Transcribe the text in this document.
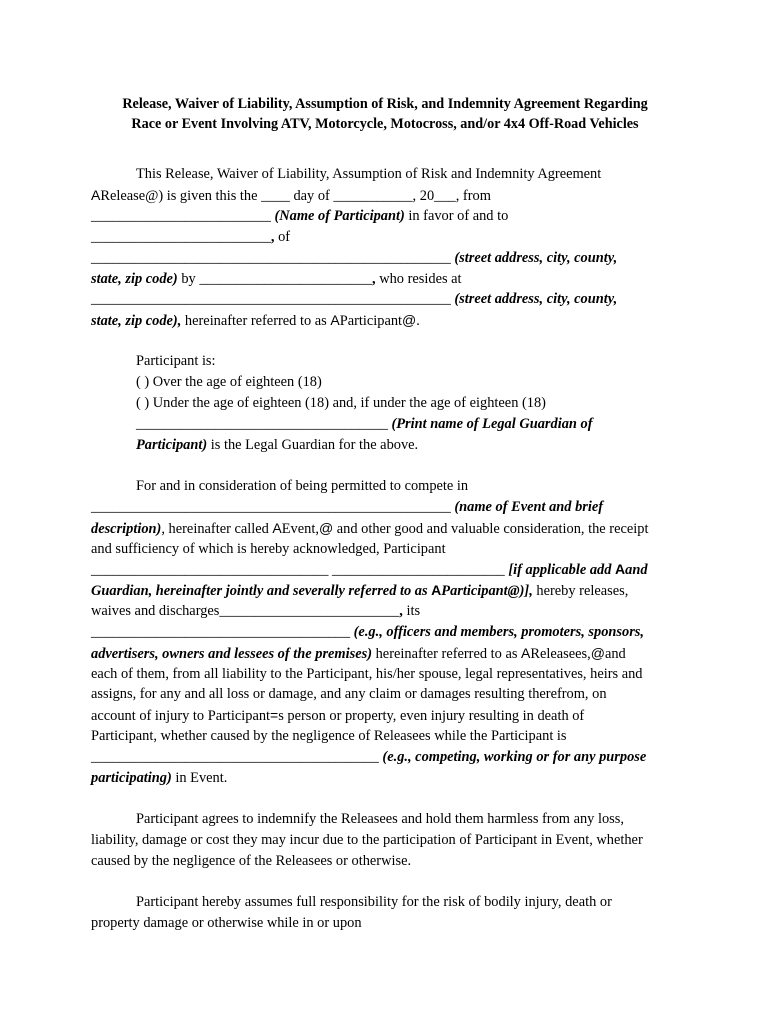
Release, Waiver of Liability, Assumption of Risk, and Indemnity Agreement Regarding
Race or Event Involving ATV, Motorcycle, Motocross, and/or 4x4 Off-Road Vehicles
This Release, Waiver of Liability, Assumption of Risk and Indemnity Agreement
ARelease@) is given this the ____ day of ___________, 20___, from
_________________________ (Name of Participant) in favor of and to
_________________________, of
__________________________________________________ (street address, city, county,
state, zip code) by ________________________, who resides at
__________________________________________________ (street address, city, county,
state, zip code), hereinafter referred to as AParticipant@.
Participant is:
( ) Over the age of eighteen (18)
( ) Under the age of eighteen (18) and, if under the age of eighteen (18)
___________________________________ (Print name of Legal Guardian of
Participant) is the Legal Guardian for the above.
For and in consideration of being permitted to compete in
__________________________________________________ (name of Event and brief
description), hereinafter called AEvent,@ and other good and valuable consideration, the receipt
and sufficiency of which is hereby acknowledged, Participant
_________________________________ ________________________ [if applicable add Aand
Guardian, hereinafter jointly and severally referred to as AParticipant@)], hereby releases,
waives and discharges_________________________, its
____________________________________ (e.g., officers and members, promoters, sponsors,
advertisers, owners and lessees of the premises) hereinafter referred to as AReleasees,@and
each of them, from all liability to the Participant, his/her spouse, legal representatives, heirs and
assigns, for any and all loss or damage, and any claim or damages resulting therefrom, on
account of injury to Participant=s person or property, even injury resulting in death of
Participant, whether caused by the negligence of Releasees while the Participant is
________________________________________ (e.g., competing, working or for any purpose
participating) in Event.
Participant agrees to indemnify the Releasees and hold them harmless from any loss,
liability, damage or cost they may incur due to the participation of Participant in Event, whether
caused by the negligence of the Releasees or otherwise.
Participant hereby assumes full responsibility for the risk of bodily injury, death or
property damage or otherwise while in or upon
